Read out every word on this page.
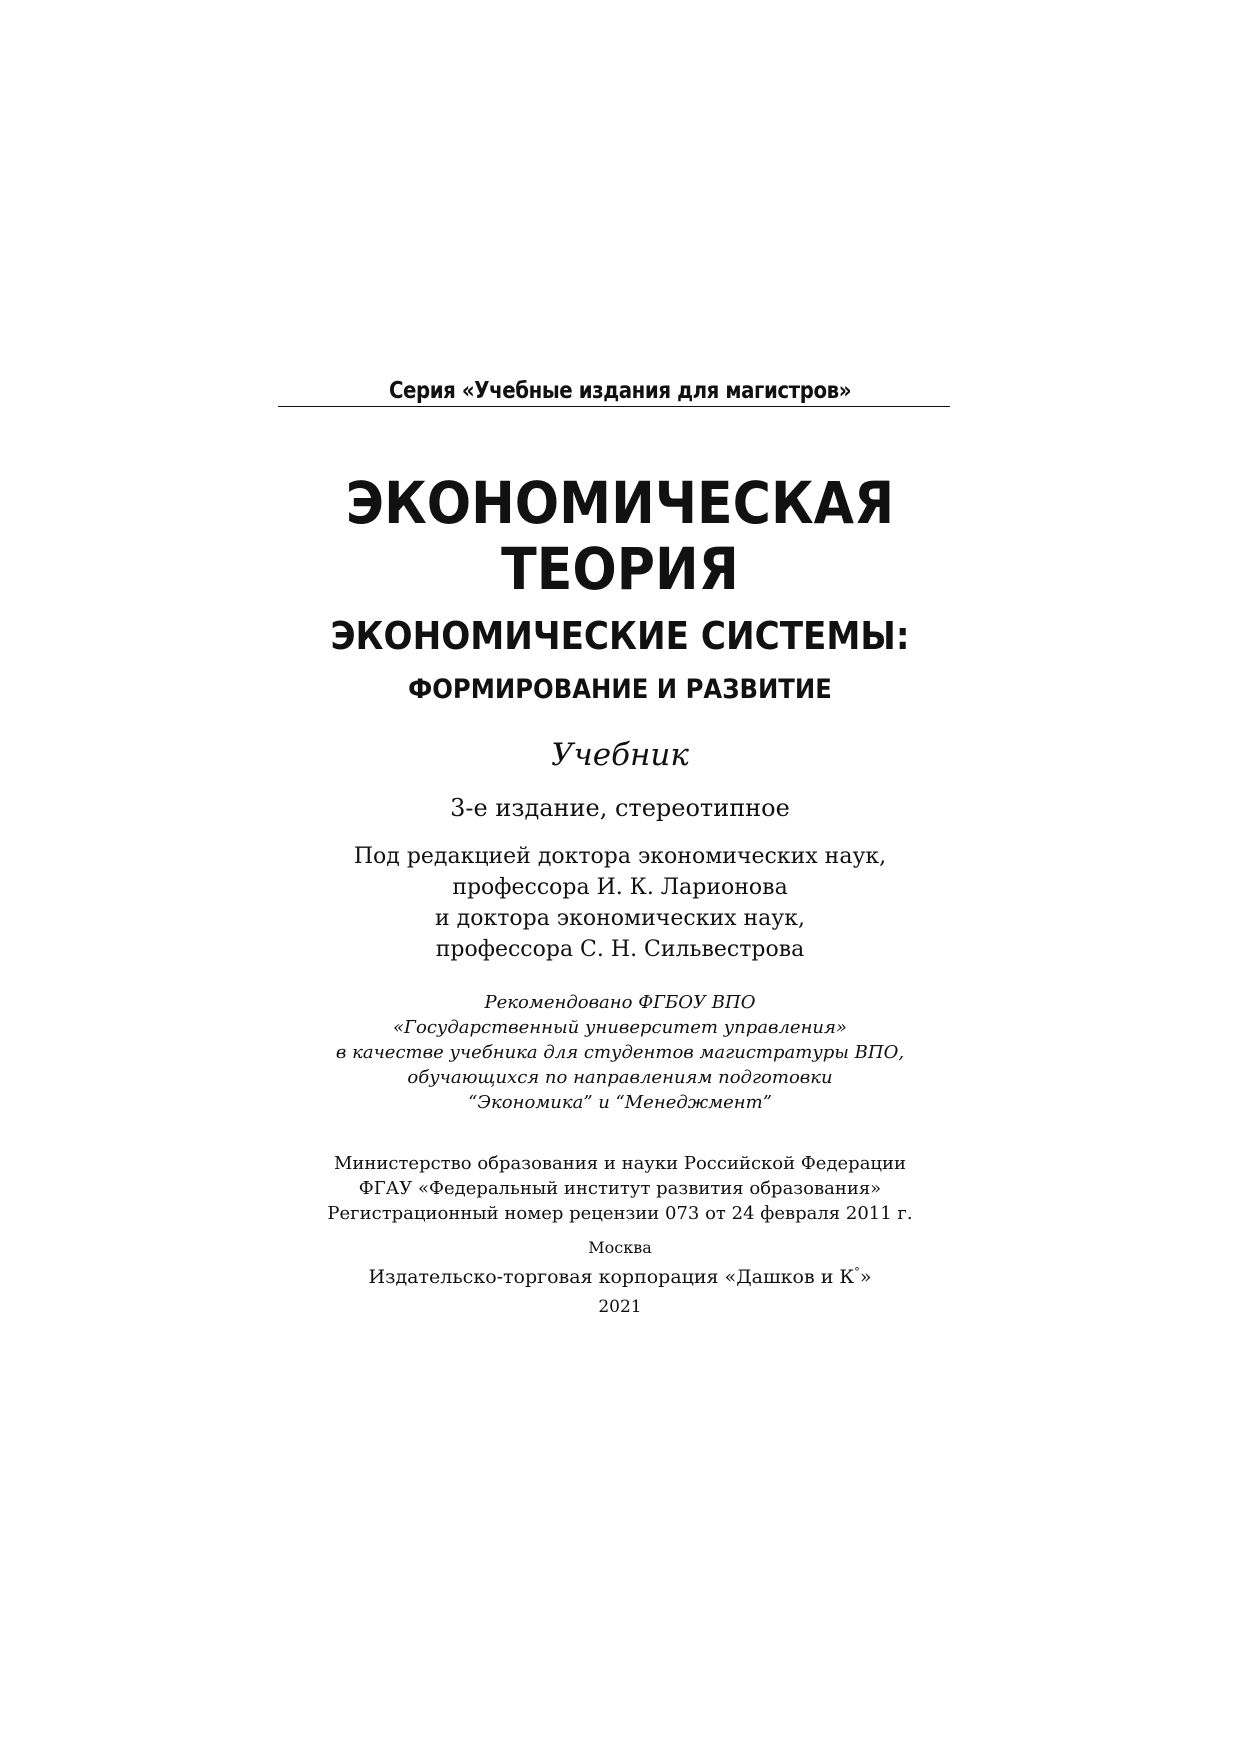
Серия «Учебные издания для магистров»
ЭКОНОМИЧЕСКАЯ
ТЕОРИЯ
ЭКОНОМИЧЕСКИЕ СИСТЕМЫ:
ФОРМИРОВАНИЕ И РАЗВИТИЕ
Учебник
3-е издание, стереотипное
Под редакцией доктора экономических наук,
профессора И. К. Ларионова
и доктора экономических наук,
профессора С. Н. Сильвестрова
Рекомендовано ФГБОУ ВПО
«Государственный университет управления»
в качестве учебника для студентов магистратуры ВПО,
обучающихся по направлениям подготовки
“Экономика” и “Менеджмент”
Министерство образования и науки Российской Федерации
ФГАУ «Федеральный институт развития образования»
Регистрационный номер рецензии 073 от 24 февраля 2011 г.
Москва
Издательско-торговая корпорация «Дашков и К°»
2021
